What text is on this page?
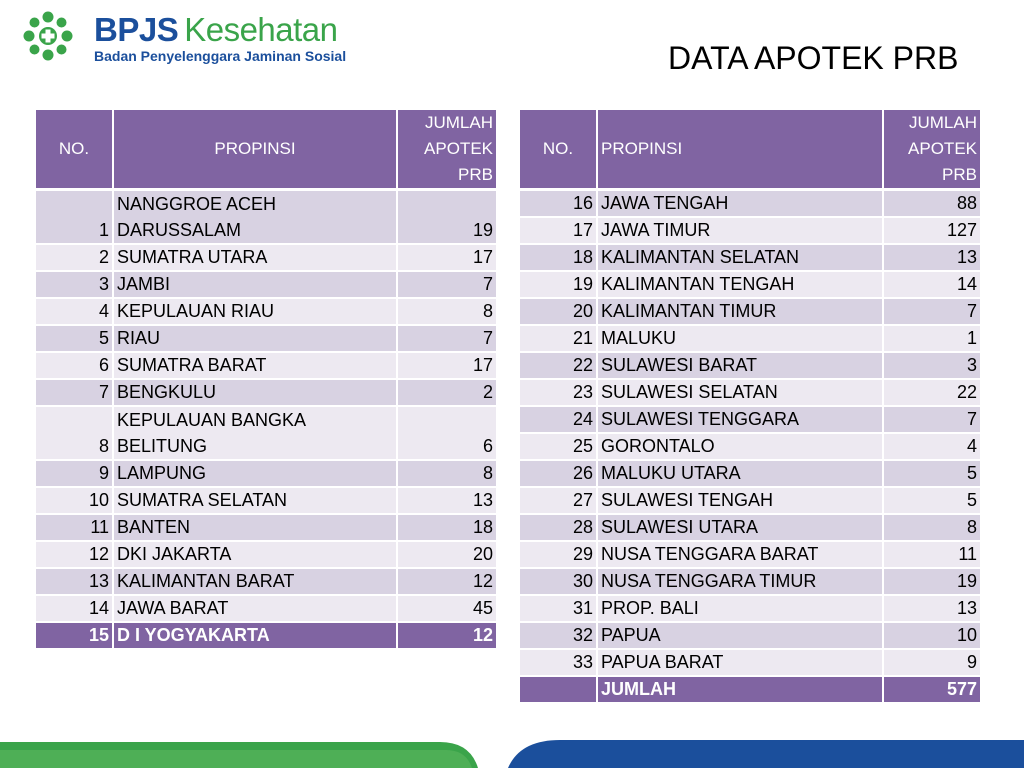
BPJS Kesehatan
Badan Penyelenggara Jaminan Sosial	DATA APOTEK PRB
NO.	PROPINSI	JUMLAH
APOTEK
PRB

1	NANGGROE ACEH DARUSSALAM	19
2	SUMATRA UTARA	17
3	JAMBI	7
4	KEPULAUAN RIAU	8
5	RIAU	7
6	SUMATRA BARAT	17
7	BENGKULU	2
8	KEPULAUAN BANGKA BELITUNG	6
9	LAMPUNG	8
10	SUMATRA SELATAN	13
11	BANTEN	18
12	DKI JAKARTA	20
13	KALIMANTAN BARAT	12
14	JAWA BARAT	45
15	D I YOGYAKARTA	12
NO.	PROPINSI	JUMLAH
APOTEK
PRB

16	JAWA TENGAH	88
17	JAWA TIMUR	127
18	KALIMANTAN SELATAN	13
19	KALIMANTAN TENGAH	14
20	KALIMANTAN TIMUR	7
21	MALUKU	1
22	SULAWESI BARAT	3
23	SULAWESI SELATAN	22
24	SULAWESI TENGGARA	7
25	GORONTALO	4
26	MALUKU UTARA	5
27	SULAWESI TENGAH	5
28	SULAWESI UTARA	8
29	NUSA TENGGARA BARAT	11
30	NUSA TENGGARA TIMUR	19
31	PROP. BALI	13
32	PAPUA	10
33	PAPUA BARAT	9
	JUMLAH	577
